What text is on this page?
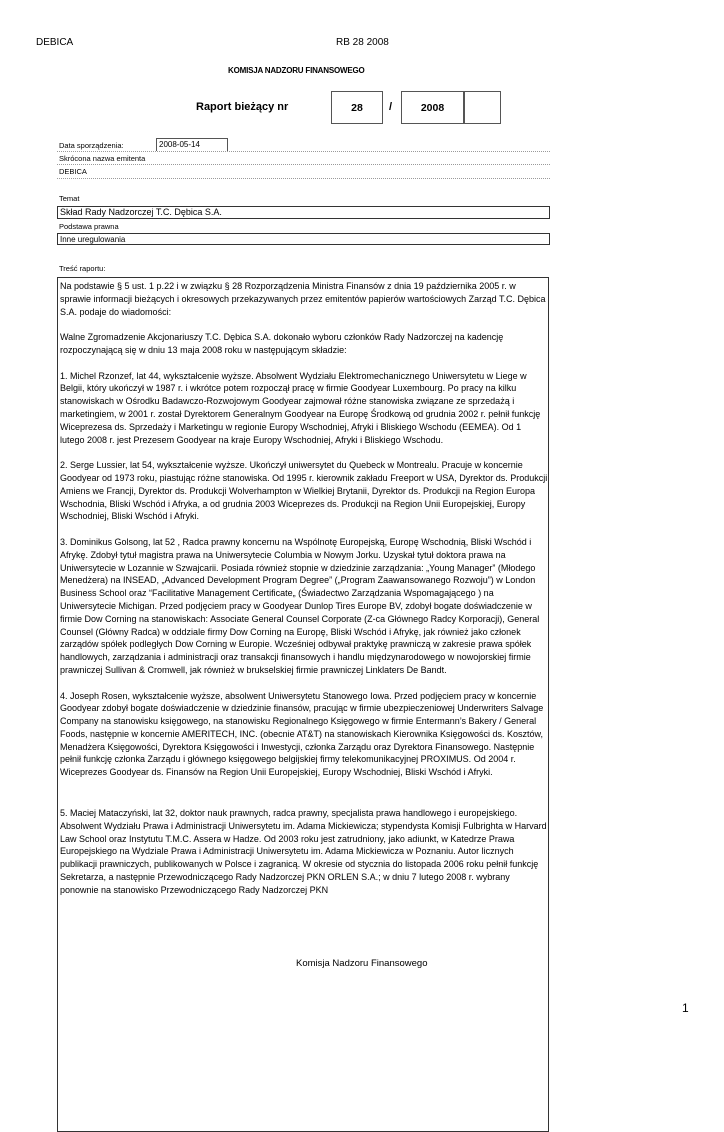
DEBICA	RB 28 2008
KOMISJA NADZORU FINANSOWEGO
Raport bieżący nr	28 /	2008
Data sporządzenia:	2008-05-14
Skrócona nazwa emitenta
DEBICA
Temat
Skład Rady Nadzorczej T.C. Dębica S.A.
Podstawa prawna
Inne uregulowania
Treść raportu:

Na podstawie § 5 ust. 1 p.22 i w związku § 28 Rozporządzenia Ministra Finansów z dnia 19 października 2005 r. w sprawie informacji bieżących i okresowych przekazywanych przez emitentów papierów wartościowych Zarząd T.C. Dębica S.A. podaje do wiadomości:

Walne Zgromadzenie Akcjonariuszy T.C. Dębica S.A. dokonało wyboru członków Rady Nadzorczej na kadencję rozpoczynającą się w dniu 13 maja 2008 roku w następującym składzie:

1. Michel Rzonzef, lat 44, wykształcenie wyższe. Absolwent Wydziału Elektromechanicznego Uniwersytetu w Liege w Belgii, który ukończył w 1987 r. i wkrótce potem rozpoczął pracę w firmie Goodyear Luxembourg. Po pracy na kilku stanowiskach w Ośrodku Badawczo-Rozwojowym Goodyear zajmował różne stanowiska związane ze sprzedażą i marketingiem, w 2001 r. został Dyrektorem Generalnym Goodyear na Europę Środkową od grudnia 2002 r. pełnił funkcję Wiceprezesa ds. Sprzedaży i Marketingu w regionie Europy Wschodniej, Afryki i Bliskiego Wschodu (EEMEA). Od 1 lutego 2008 r. jest Prezesem Goodyear na kraje Europy Wschodniej, Afryki i Bliskiego Wschodu.

2. Serge Lussier, lat 54, wykształcenie wyższe. Ukończył uniwersytet du Quebeck w Montrealu. Pracuje w koncernie Goodyear od 1973 roku, piastując różne stanowiska. Od 1995 r. kierownik zakładu Freeport w USA, Dyrektor ds. Produkcji Amiens we Francji, Dyrektor ds. Produkcji Wolverhampton w Wielkiej Brytanii, Dyrektor ds. Produkcji na Region Europa Wschodnia, Bliski Wschód i Afryka, a od grudnia 2003 Wiceprezes ds. Produkcji na Region Unii Europejskiej, Europy Wschodniej, Bliski Wschód i Afryki.

3. Dominikus Golsong, lat 52 , Radca prawny koncernu na Wspólnotę Europejską, Europę Wschodnią, Bliski Wschód i Afrykę. Zdobył tytuł magistra prawa na Uniwersytecie Columbia w Nowym Jorku. Uzyskał tytuł doktora prawa na Uniwersytecie w Lozannie w Szwajcarii. Posiada również stopnie w dziedzinie zarządzania: „Young Manager” (Młodego Menedżera) na INSEAD, „Advanced Development Program Degree” („Program Zaawansowanego Rozwoju”) w London Business School oraz “Facilitative Management Certificate„ (Świadectwo Zarządzania Wspomagającego ) na Uniwersytecie Michigan. Przed podjęciem pracy w Goodyear Dunlop Tires Europe BV, zdobył bogate doświadczenie w firmie Dow Corning na stanowiskach: Associate General Counsel Corporate (Z-ca Głównego Radcy Korporacji), General Counsel (Główny Radca) w oddziale firmy Dow Corning na Europę, Bliski Wschód i Afrykę, jak również jako członek zarządów spółek podległych Dow Corning w Europie. Wcześniej odbywał praktykę prawniczą w zakresie prawa spółek handlowych, zarządzania i administracji oraz transakcji finansowych i handlu międzynarodowego w nowojorskiej firmie prawniczej Sullivan & Cromwell, jak również w brukselskiej firmie prawniczej Linklaters De Bandt.

4. Joseph Rosen, wykształcenie wyższe, absolwent Uniwersytetu Stanowego Iowa. Przed podjęciem pracy w koncernie Goodyear zdobył bogate doświadczenie w dziedzinie finansów, pracując w firmie ubezpieczeniowej Underwriters Salvage Company na stanowisku księgowego, na stanowisku Regionalnego Księgowego w firmie Entermann’s Bakery / General Foods, następnie w koncernie AMERITECH, INC. (obecnie AT&T) na stanowiskach Kierownika Księgowości ds. Kosztów, Menadżera Księgowości, Dyrektora Księgowości i Inwestycji, członka Zarządu oraz Dyrektora Finansowego. Następnie pełnił funkcję członka Zarządu i głównego księgowego belgijskiej firmy telekomunikacyjnej PROXIMUS. Od 2004 r. Wiceprezes Goodyear ds. Finansów na Region Unii Europejskiej, Europy Wschodniej, Bliski Wschód i Afryki.

5. Maciej Mataczyński, lat 32, doktor nauk prawnych, radca prawny, specjalista prawa handlowego i europejskiego. Absolwent Wydziału Prawa i Administracji Uniwersytetu im. Adama Mickiewicza; stypendysta Komisji Fulbrighta w Harvard Law School oraz Instytutu T.M.C. Assera w Hadze. Od 2003 roku jest zatrudniony, jako adiunkt, w Katedrze Prawa Europejskiego na Wydziale Prawa i Administracji Uniwersytetu im. Adama Mickiewicza w Poznaniu. Autor licznych publikacji prawniczych, publikowanych w Polsce i zagranicą. W okresie od stycznia do listopada 2006 roku pełnił funkcję Sekretarza, a następnie Przewodniczącego Rady Nadzorczej PKN ORLEN S.A.; w dniu 7 lutego 2008 r. wybrany ponownie na stanowisko Przewodniczącego Rady Nadzorczej PKN

Komisja Nadzoru Finansowego
1
